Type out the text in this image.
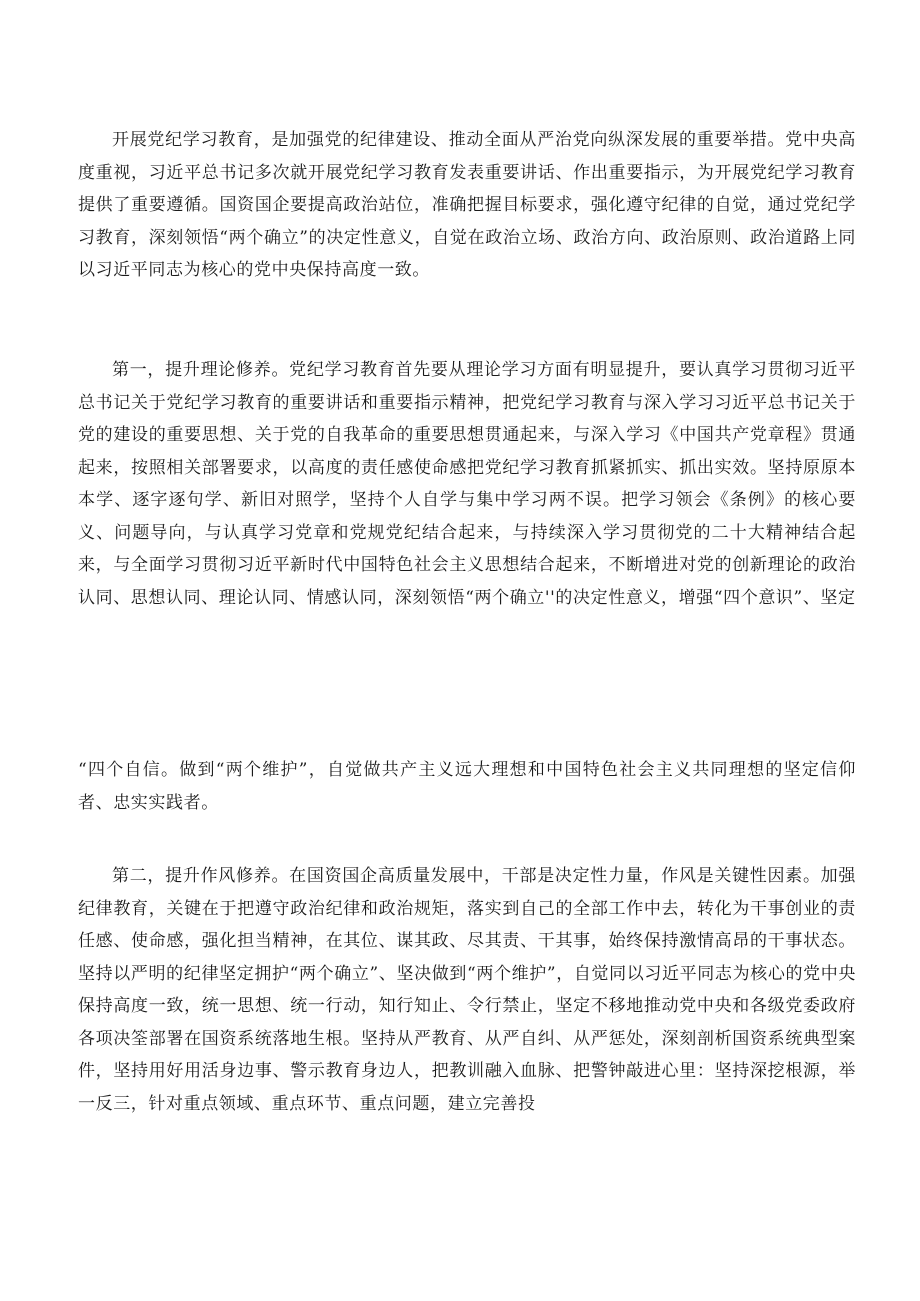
开展党纪学习教育，是加强党的纪律建设、推动全面从严治党向纵深发展的重要举措。党中央高度重视，习近平总书记多次就开展党纪学习教育发表重要讲话、作出重要指示，为开展党纪学习教育提供了重要遵循。国资国企要提高政治站位，准确把握目标要求，强化遵守纪律的自觉，通过党纪学习教育，深刻领悟“两个确立”的决定性意义，自觉在政治立场、政治方向、政治原则、政治道路上同以习近平同志为核心的党中央保持高度一致。

第一，提升理论修养。党纪学习教育首先要从理论学习方面有明显提升，要认真学习贯彻习近平总书记关于党纪学习教育的重要讲话和重要指示精神，把党纪学习教育与深入学习习近平总书记关于党的建设的重要思想、关于党的自我革命的重要思想贯通起来，与深入学习《中国共产党章程》贯通起来，按照相关部署要求，以高度的责任感使命感把党纪学习教育抓紧抓实、抓出实效。坚持原原本本学、逐字逐句学、新旧对照学，坚持个人自学与集中学习两不误。把学习领会《条例》的核心要义、问题导向，与认真学习党章和党规党纪结合起来，与持续深入学习贯彻党的二十大精神结合起来，与全面学习贯彻习近平新时代中国特色社会主义思想结合起来，不断增进对党的创新理论的政治认同、思想认同、理论认同、情感认同，深刻领悟“两个确立''的决定性意义，增强“四个意识”、坚定

“四个自信。做到“两个维护”，自觉做共产主义远大理想和中国特色社会主义共同理想的坚定信仰者、忠实实践者。

第二，提升作风修养。在国资国企高质量发展中，干部是决定性力量，作风是关键性因素。加强纪律教育，关键在于把遵守政治纪律和政治规矩，落实到自己的全部工作中去，转化为干事创业的责任感、使命感，强化担当精神，在其位、谋其政、尽其责、干其事，始终保持激情高昂的干事状态。坚持以严明的纪律坚定拥护“两个确立”、坚决做到“两个维护”，自觉同以习近平同志为核心的党中央保持高度一致，统一思想、统一行动，知行知止、令行禁止，坚定不移地推动党中央和各级党委政府各项决筌部署在国资系统落地生根。坚持从严教育、从严自纠、从严惩处，深刻剖析国资系统典型案件，坚持用好用活身边事、警示教育身边人，把教训融入血脉、把警钟敲进心里：坚持深挖根源，举一反三，针对重点领域、重点环节、重点问题，建立完善投
